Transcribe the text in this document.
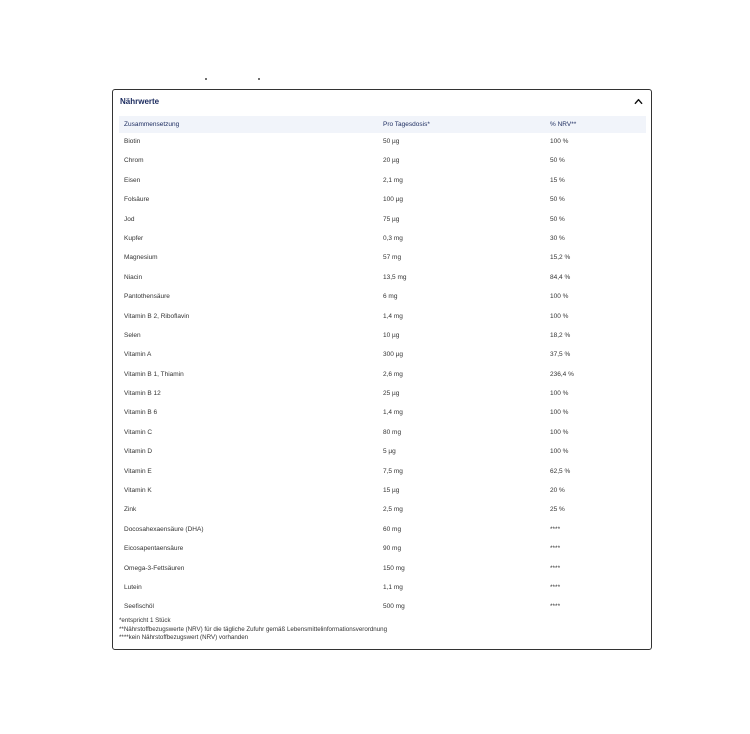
Nährwerte
Zusammensetzung	Pro Tagesdosis*	% NRV**
Biotin	50 µg	100 %
Chrom	20 µg	50 %
Eisen	2,1 mg	15 %
Folsäure	100 µg	50 %
Jod	75 µg	50 %
Kupfer	0,3 mg	30 %
Magnesium	57 mg	15,2 %
Niacin	13,5 mg	84,4 %
Pantothensäure	6 mg	100 %
Vitamin B 2, Riboflavin	1,4 mg	100 %
Selen	10 µg	18,2 %
Vitamin A	300 µg	37,5 %
Vitamin B 1, Thiamin	2,6 mg	236,4 %
Vitamin B 12	25 µg	100 %
Vitamin B 6	1,4 mg	100 %
Vitamin C	80 mg	100 %
Vitamin D	5 µg	100 %
Vitamin E	7,5 mg	62,5 %
Vitamin K	15 µg	20 %
Zink	2,5 mg	25 %
Docosahexaensäure (DHA)	60 mg	****
Eicosapentaensäure	90 mg	****
Omega-3-Fettsäuren	150 mg	****
Lutein	1,1 mg	****
Seefischöl	500 mg	****
*entspricht 1 Stück
**Nährstoffbezugswerte (NRV) für die tägliche Zufuhr gemäß Lebensmittelinformationsverordnung
****kein Nährstoffbezugswert (NRV) vorhanden
